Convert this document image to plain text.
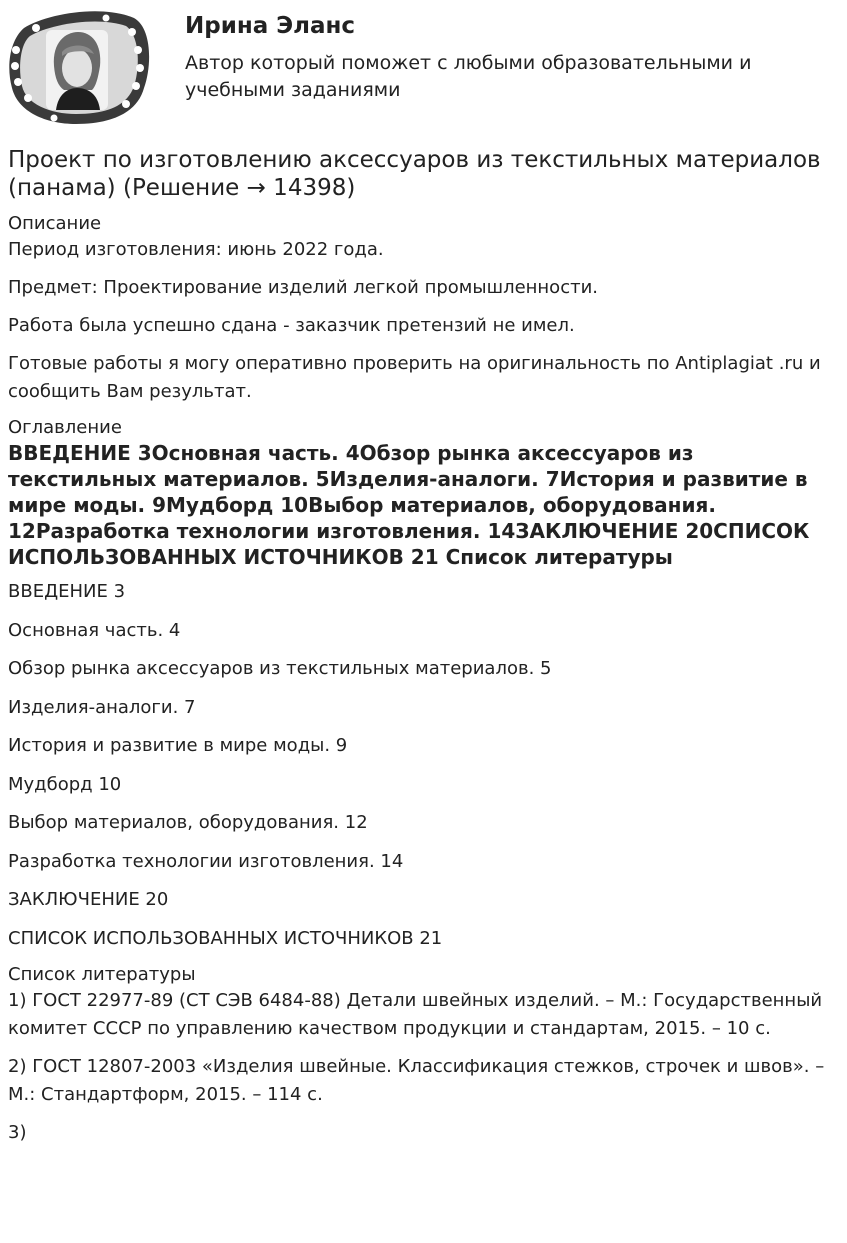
Ирина Эланс
Автор который поможет с любыми образовательными и учебными заданиями
Проект по изготовлению аксессуаров из текстильных материалов (панама) (Решение → 14398)

Описание

Период изготовления: июнь 2022 года.

Предмет: Проектирование изделий легкой промышленности.

Работа была успешно сдана - заказчик претензий не имел.

Готовые работы я могу оперативно проверить на оригинальность по Antiplagiat .ru и сообщить Вам результат.

Оглавление

ВВЕДЕНИЕ 3Основная часть. 4Обзор рынка аксессуаров из текстильных материалов. 5Изделия-аналоги. 7История и развитие в мире моды. 9Мудборд 10Выбор материалов, оборудования. 12Разработка технологии изготовления. 14ЗАКЛЮЧЕНИЕ 20СПИСОК ИСПОЛЬЗОВАННЫХ ИСТОЧНИКОВ 21 Список литературы

ВВЕДЕНИЕ 3

Основная часть. 4

Обзор рынка аксессуаров из текстильных материалов. 5

Изделия-аналоги. 7

История и развитие в мире моды. 9

Мудборд 10

Выбор материалов, оборудования. 12

Разработка технологии изготовления. 14

ЗАКЛЮЧЕНИЕ 20

СПИСОК ИСПОЛЬЗОВАННЫХ ИСТОЧНИКОВ 21

Список литературы

1) ГОСТ 22977-89 (СТ СЭВ 6484-88) Детали швейных изделий. – М.: Государственный комитет СССР по управлению качеством продукции и стандартам, 2015. – 10 с.

2) ГОСТ 12807-2003 «Изделия швейные. Классификация стежков, строчек и швов». – М.: Стандартформ, 2015. – 114 с.

3)
